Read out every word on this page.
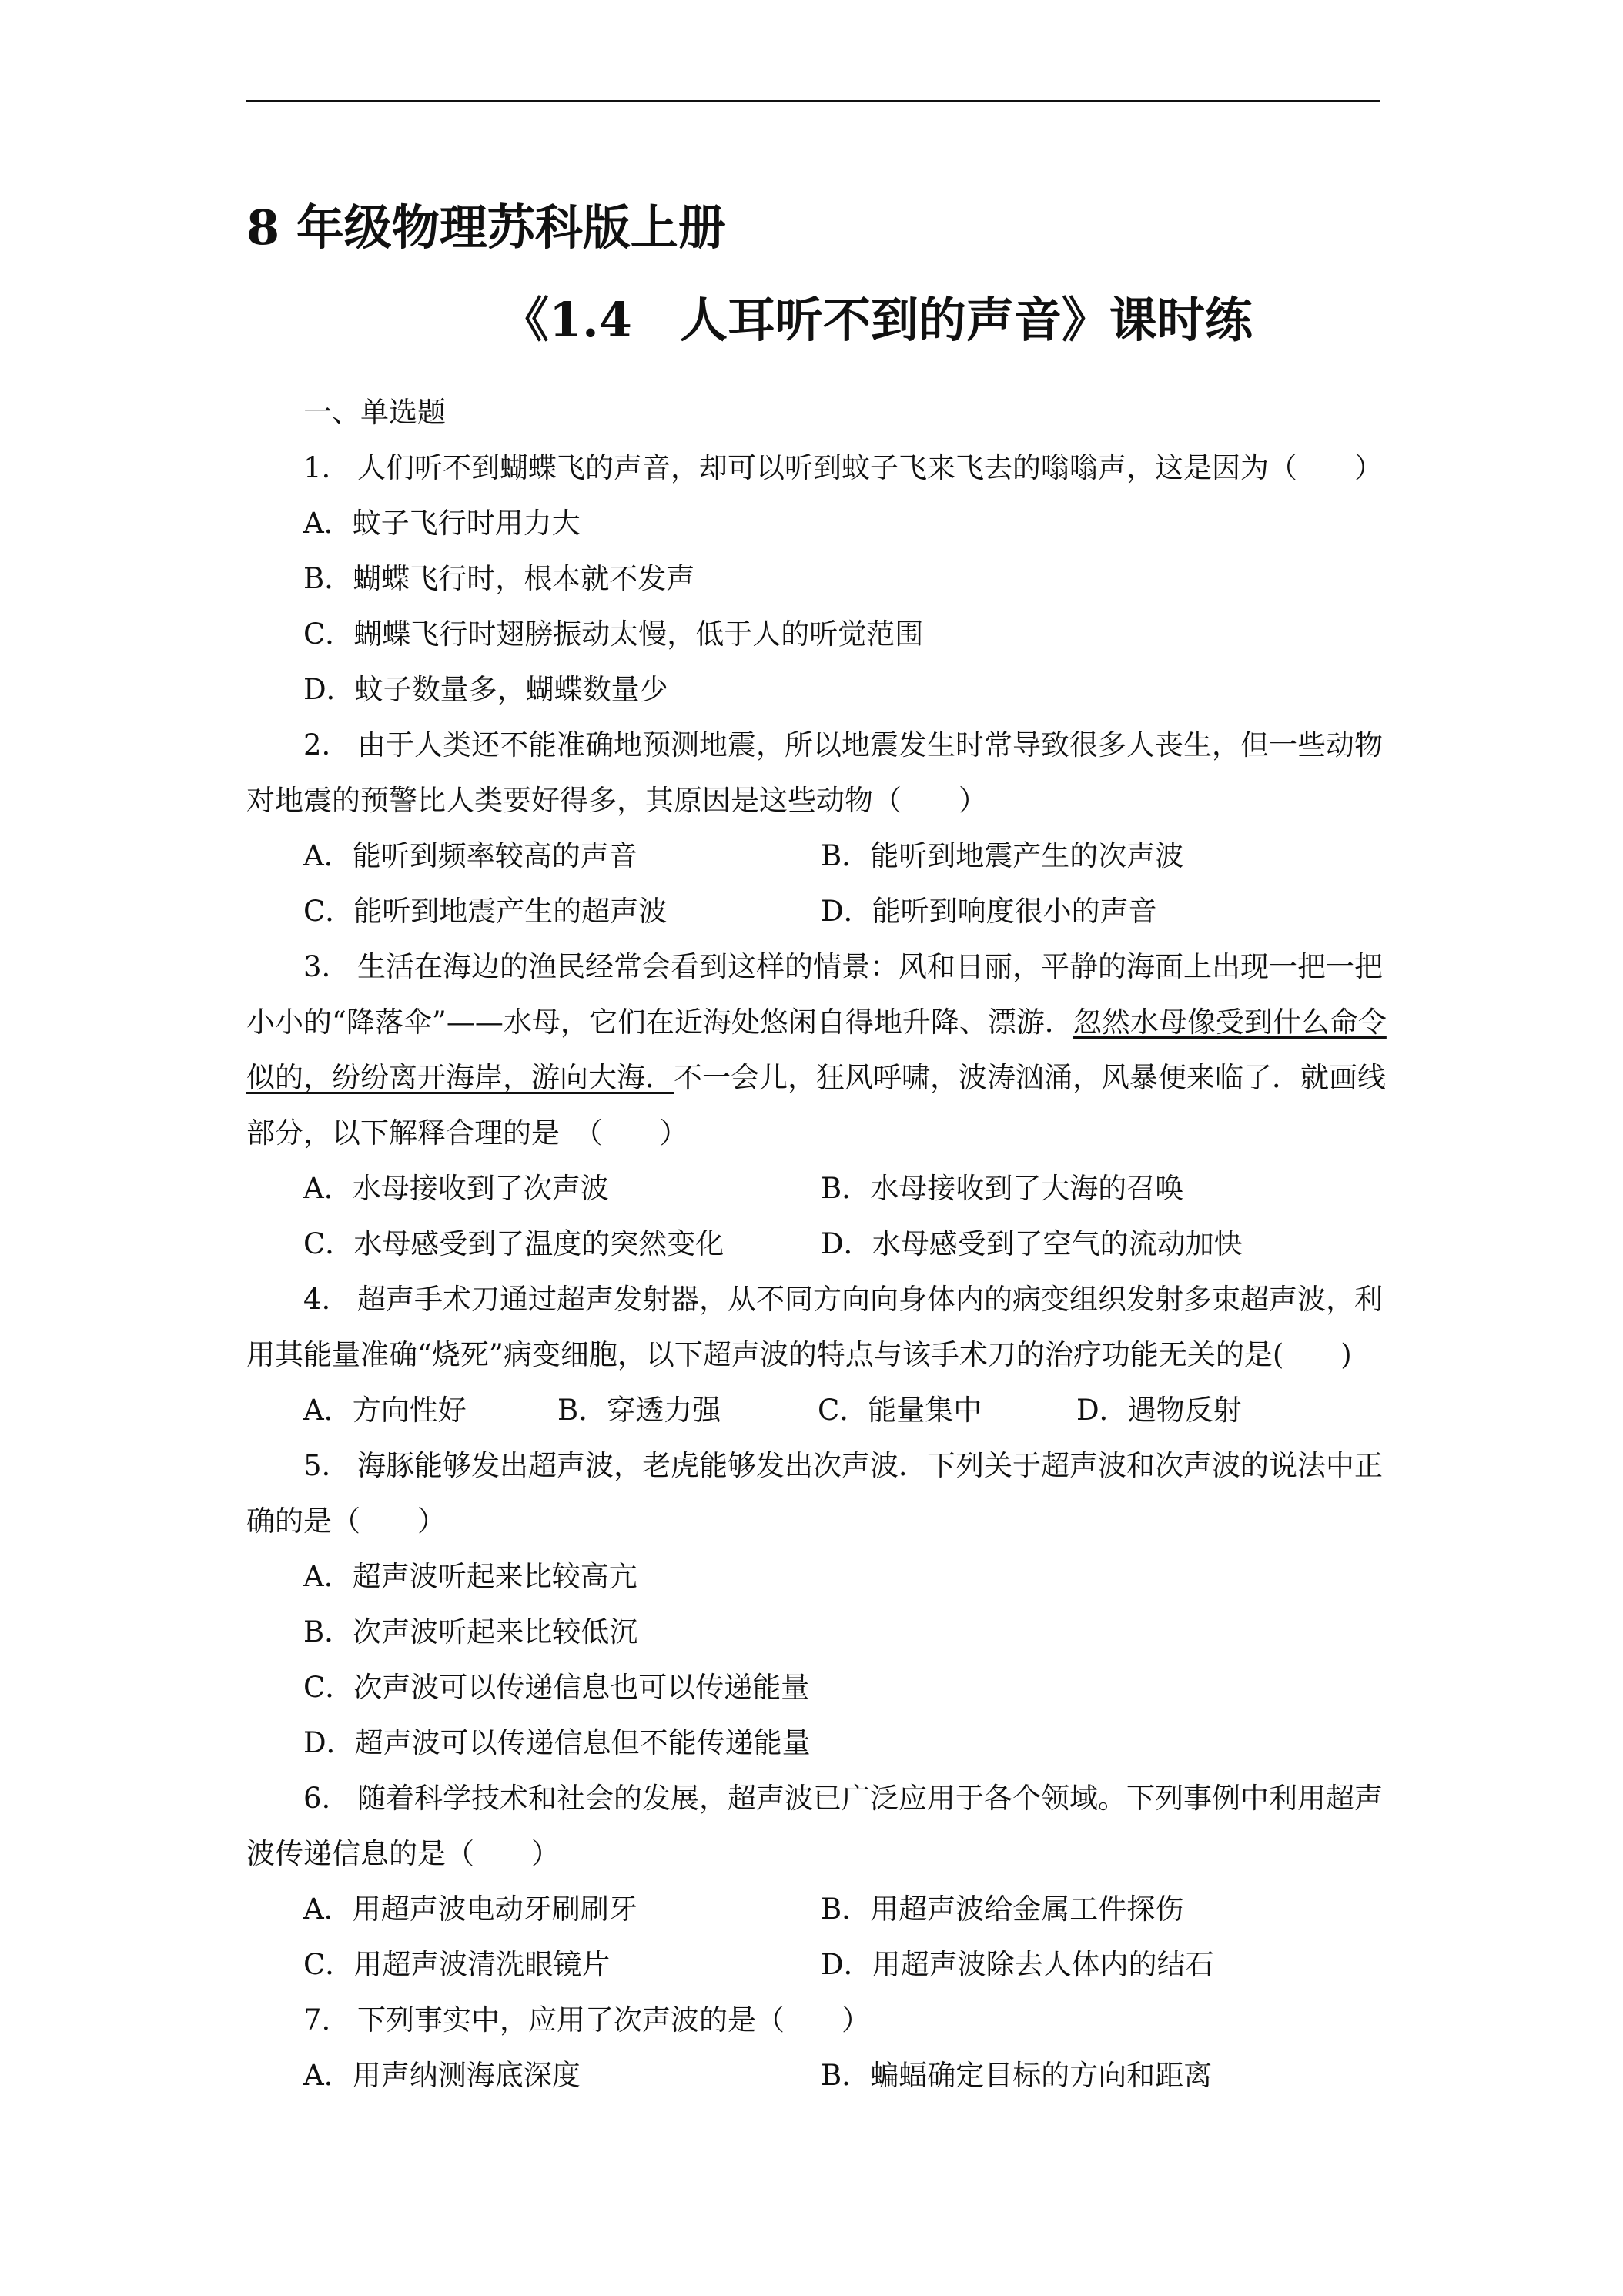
8 年级物理苏科版上册
《1.4　人耳听不到的声音》课时练
一、单选题
1. 人们听不到蝴蝶飞的声音，却可以听到蚊子飞来飞去的嗡嗡声，这是因为（　　）
A．蚊子飞行时用力大
B．蝴蝶飞行时，根本就不发声
C．蝴蝶飞行时翅膀振动太慢，低于人的听觉范围
D．蚊子数量多，蝴蝶数量少
2. 由于人类还不能准确地预测地震，所以地震发生时常导致很多人丧生，但一些动物
对地震的预警比人类要好得多，其原因是这些动物（　　）
A．能听到频率较高的声音	B．能听到地震产生的次声波
C．能听到地震产生的超声波	D．能听到响度很小的声音
3. 生活在海边的渔民经常会看到这样的情景：风和日丽，平静的海面上出现一把一把
小小的“降落伞”——水母，它们在近海处悠闲自得地升降、漂游．忽然水母像受到什么命令
似的，纷纷离开海岸，游向大海．不一会儿，狂风呼啸，波涛汹涌，风暴便来临了．就画线
部分，以下解释合理的是　（　　）
A．水母接收到了次声波	B．水母接收到了大海的召唤
C．水母感受到了温度的突然变化	D．水母感受到了空气的流动加快
4. 超声手术刀通过超声发射器，从不同方向向身体内的病变组织发射多束超声波，利
用其能量准确“烧死”病变细胞，以下超声波的特点与该手术刀的治疗功能无关的是(　　)
A．方向性好	B．穿透力强	C．能量集中	D．遇物反射
5. 海豚能够发出超声波，老虎能够发出次声波．下列关于超声波和次声波的说法中正
确的是（　　）
A．超声波听起来比较高亢
B．次声波听起来比较低沉
C．次声波可以传递信息也可以传递能量
D．超声波可以传递信息但不能传递能量
6. 随着科学技术和社会的发展，超声波已广泛应用于各个领域。下列事例中利用超声
波传递信息的是（　　）
A．用超声波电动牙刷刷牙	B．用超声波给金属工件探伤
C．用超声波清洗眼镜片	D．用超声波除去人体内的结石
7. 下列事实中，应用了次声波的是（　　）
A．用声纳测海底深度	B．蝙蝠确定目标的方向和距离
